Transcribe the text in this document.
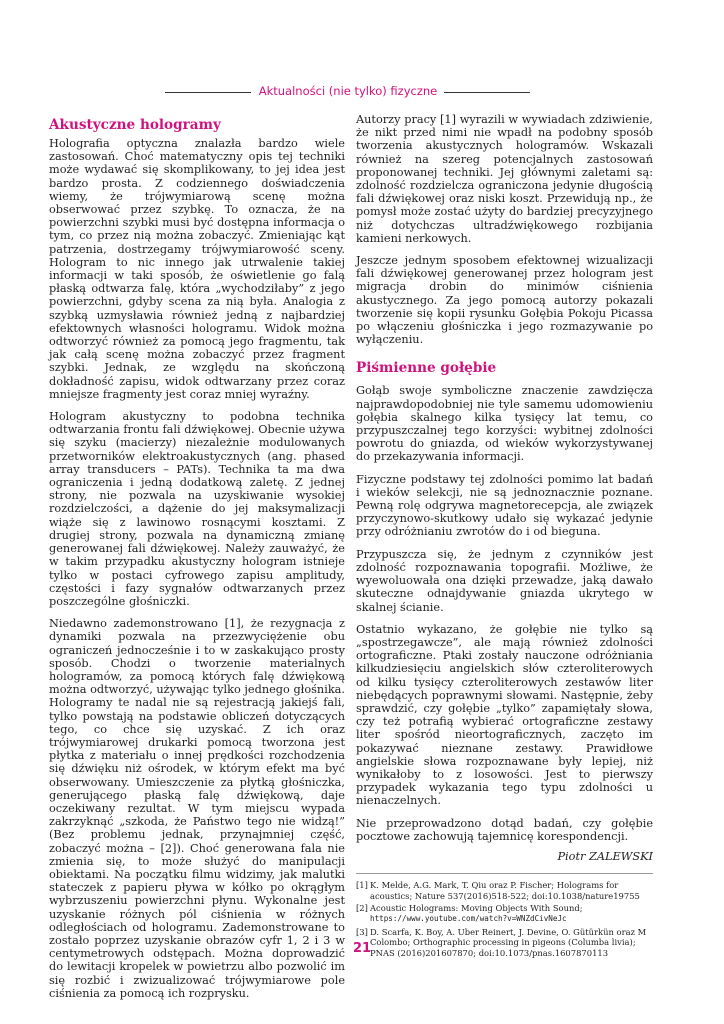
Aktualności (nie tylko) fizyczne
Akustyczne hologramy

Holografia optyczna znalazła bardzo wiele zastosowań. Choć matematyczny opis tej techniki może wydawać się skomplikowany, to jej idea jest bardzo prosta. Z codziennego doświadczenia wiemy, że trójwymiarową scenę można obserwować przez szybkę. To oznacza, że na powierzchni szybki musi być dostępna informacja o tym, co przez nią można zobaczyć. Zmieniając kąt patrzenia, dostrzegamy trójwymiarowość sceny. Hologram to nic innego jak utrwalenie takiej informacji w taki sposób, że oświetlenie go falą płaską odtwarza falę, która „wychodziłaby” z jego powierzchni, gdyby scena za nią była. Analogia z szybką uzmysławia również jedną z najbardziej efektownych własności hologramu. Widok można odtworzyć również za pomocą jego fragmentu, tak jak całą scenę można zobaczyć przez fragment szybki. Jednak, ze względu na skończoną dokładność zapisu, widok odtwarzany przez coraz mniejsze fragmenty jest coraz mniej wyraźny.

Hologram akustyczny to podobna technika odtwarzania frontu fali dźwiękowej. Obecnie używa się szyku (macierzy) niezależnie modulowanych przetworników elektroakustycznych (ang. phased array transducers – PATs). Technika ta ma dwa ograniczenia i jedną dodatkową zaletę. Z jednej strony, nie pozwala na uzyskiwanie wysokiej rozdzielczości, a dążenie do jej maksymalizacji wiąże się z lawinowo rosnącymi kosztami. Z drugiej strony, pozwala na dynamiczną zmianę generowanej fali dźwiękowej. Należy zauważyć, że w takim przypadku akustyczny hologram istnieje tylko w postaci cyfrowego zapisu amplitudy, częstości i fazy sygnałów odtwarzanych przez poszczególne głośniczki.

Niedawno zademonstrowano [1], że rezygnacja z dynamiki pozwala na przezwyciężenie obu ograniczeń jednocześnie i to w zaskakująco prosty sposób. Chodzi o tworzenie materialnych hologramów, za pomocą których falę dźwiękową można odtworzyć, używając tylko jednego głośnika. Hologramy te nadal nie są rejestracją jakiejś fali, tylko powstają na podstawie obliczeń dotyczących tego, co chce się uzyskać. Z ich oraz trójwymiarowej drukarki pomocą tworzona jest płytka z materiału o innej prędkości rozchodzenia się dźwięku niż ośrodek, w którym efekt ma być obserwowany. Umieszczenie za płytką głośniczka, generującego płaską falę dźwiękową, daje oczekiwany rezultat. W tym miejscu wypada zakrzyknąć „szkoda, że Państwo tego nie widzą!” (Bez problemu jednak, przynajmniej część, zobaczyć można – [2]). Choć generowana fala nie zmienia się, to może służyć do manipulacji obiektami. Na początku filmu widzimy, jak malutki stateczek z papieru pływa w kółko po okrągłym wybrzuszeniu powierzchni płynu. Wykonalne jest uzyskanie różnych pól ciśnienia w różnych odległościach od hologramu. Zademonstrowane to zostało poprzez uzyskanie obrazów cyfr 1, 2 i 3 w centymetrowych odstępach. Można doprowadzić do lewitacji kropelek w powietrzu albo pozwolić im się rozbić i zwizualizować trójwymiarowe pole ciśnienia za pomocą ich rozprysku.

Autorzy pracy [1] wyrazili w wywiadach zdziwienie, że nikt przed nimi nie wpadł na podobny sposób tworzenia akustycznych hologramów. Wskazali również na szereg potencjalnych zastosowań proponowanej techniki. Jej głównymi zaletami są: zdolność rozdzielcza ograniczona jedynie długością fali dźwiękowej oraz niski koszt. Przewidują np., że pomysł może zostać użyty do bardziej precyzyjnego niż dotychczas ultradźwiękowego rozbijania kamieni nerkowych.

Jeszcze jednym sposobem efektownej wizualizacji fali dźwiękowej generowanej przez hologram jest migracja drobin do minimów ciśnienia akustycznego. Za jego pomocą autorzy pokazali tworzenie się kopii rysunku Gołębia Pokoju Picassa po włączeniu głośniczka i jego rozmazywanie po wyłączeniu.

Piśmienne gołębie

Gołąb swoje symboliczne znaczenie zawdzięcza najprawdopodobniej nie tyle samemu udomowieniu gołębia skalnego kilka tysięcy lat temu, co przypuszczalnej tego korzyści: wybitnej zdolności powrotu do gniazda, od wieków wykorzystywanej do przekazywania informacji.

Fizyczne podstawy tej zdolności pomimo lat badań i wieków selekcji, nie są jednoznacznie poznane. Pewną rolę odgrywa magnetorecepcja, ale związek przyczynowo-skutkowy udało się wykazać jedynie przy odróżnianiu zwrotów do i od bieguna.

Przypuszcza się, że jednym z czynników jest zdolność rozpoznawania topografii. Możliwe, że wyewoluowała ona dzięki przewadze, jaką dawało skuteczne odnajdywanie gniazda ukrytego w skalnej ścianie.

Ostatnio wykazano, że gołębie nie tylko są „spostrzegawcze”, ale mają również zdolności ortograficzne. Ptaki zostały nauczone odróżniania kilkudziesięciu angielskich słów czteroliterowych od kilku tysięcy czteroliterowych zestawów liter niebędących poprawnymi słowami. Następnie, żeby sprawdzić, czy gołębie „tylko” zapamiętały słowa, czy też potrafią wybierać ortograficzne zestawy liter spośród nieortograficznych, zaczęto im pokazywać nieznane zestawy. Prawidłowe angielskie słowa rozpoznawane były lepiej, niż wynikałoby to z losowości. Jest to pierwszy przypadek wykazania tego typu zdolności u nienaczelnych.

Nie przeprowadzono dotąd badań, czy gołębie pocztowe zachowują tajemnicę korespondencji.

Piotr ZALEWSKI
[1] K. Melde, A.G. Mark, T. Qiu oraz P. Fischer; Holograms for acoustics; Nature 537(2016)518-522; doi:10.1038/nature19755
[2] Acoustic Holograms: Moving Objects With Sound; https://www.youtube.com/watch?v=WNZdCivNeJc
[3] D. Scarfa, K. Boy, A. Uber Reinert, J. Devine, O. Gütürkün oraz M Colombo; Orthographic processing in pigeons (Columba livia); PNAS (2016)201607870; doi:10.1073/pnas.1607870113
21
